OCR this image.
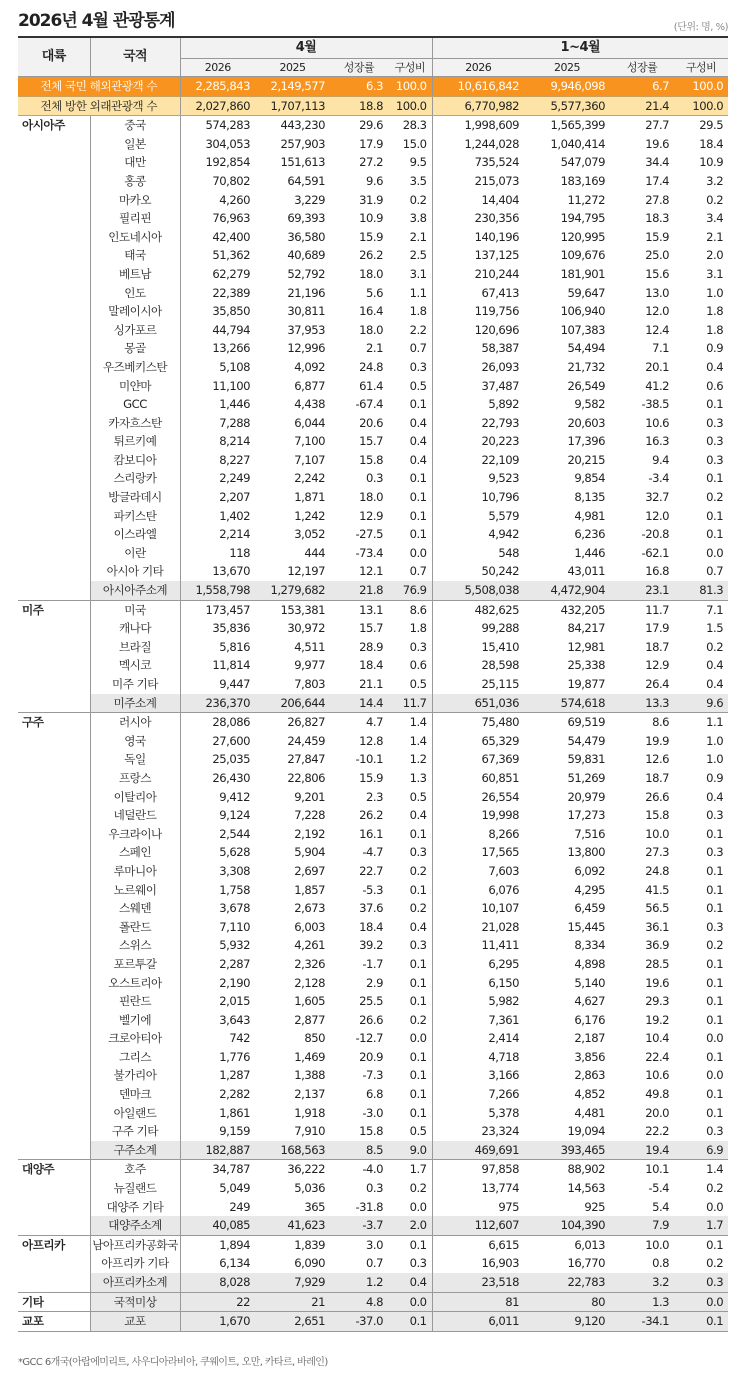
2026년 4월 관광통계	(단위: 명, %)
대륙	국적	4월				1~4월			
		2026	2025	성장률	구성비	2026	2025	성장률	구성비
전체 국민 해외관광객 수		2,285,843	2,149,577	6.3	100.0	10,616,842	9,946,098	6.7	100.0
전체 방한 외래관광객 수		2,027,860	1,707,113	18.8	100.0	6,770,982	5,577,360	21.4	100.0
아시아주	중국	574,283	443,230	29.6	28.3	1,998,609	1,565,399	27.7	29.5
	일본	304,053	257,903	17.9	15.0	1,244,028	1,040,414	19.6	18.4
	대만	192,854	151,613	27.2	9.5	735,524	547,079	34.4	10.9
	홍콩	70,802	64,591	9.6	3.5	215,073	183,169	17.4	3.2
	마카오	4,260	3,229	31.9	0.2	14,404	11,272	27.8	0.2
	필리핀	76,963	69,393	10.9	3.8	230,356	194,795	18.3	3.4
	인도네시아	42,400	36,580	15.9	2.1	140,196	120,995	15.9	2.1
	태국	51,362	40,689	26.2	2.5	137,125	109,676	25.0	2.0
	베트남	62,279	52,792	18.0	3.1	210,244	181,901	15.6	3.1
	인도	22,389	21,196	5.6	1.1	67,413	59,647	13.0	1.0
	말레이시아	35,850	30,811	16.4	1.8	119,756	106,940	12.0	1.8
	싱가포르	44,794	37,953	18.0	2.2	120,696	107,383	12.4	1.8
	몽골	13,266	12,996	2.1	0.7	58,387	54,494	7.1	0.9
	우즈베키스탄	5,108	4,092	24.8	0.3	26,093	21,732	20.1	0.4
	미얀마	11,100	6,877	61.4	0.5	37,487	26,549	41.2	0.6
	GCC	1,446	4,438	-67.4	0.1	5,892	9,582	-38.5	0.1
	카자흐스탄	7,288	6,044	20.6	0.4	22,793	20,603	10.6	0.3
	튀르키예	8,214	7,100	15.7	0.4	20,223	17,396	16.3	0.3
	캄보디아	8,227	7,107	15.8	0.4	22,109	20,215	9.4	0.3
	스리랑카	2,249	2,242	0.3	0.1	9,523	9,854	-3.4	0.1
	방글라데시	2,207	1,871	18.0	0.1	10,796	8,135	32.7	0.2
	파키스탄	1,402	1,242	12.9	0.1	5,579	4,981	12.0	0.1
	이스라엘	2,214	3,052	-27.5	0.1	4,942	6,236	-20.8	0.1
	이란	118	444	-73.4	0.0	548	1,446	-62.1	0.0
	아시아 기타	13,670	12,197	12.1	0.7	50,242	43,011	16.8	0.7
	아시아주소계	1,558,798	1,279,682	21.8	76.9	5,508,038	4,472,904	23.1	81.3
미주	미국	173,457	153,381	13.1	8.6	482,625	432,205	11.7	7.1
	캐나다	35,836	30,972	15.7	1.8	99,288	84,217	17.9	1.5
	브라질	5,816	4,511	28.9	0.3	15,410	12,981	18.7	0.2
	멕시코	11,814	9,977	18.4	0.6	28,598	25,338	12.9	0.4
	미주 기타	9,447	7,803	21.1	0.5	25,115	19,877	26.4	0.4
	미주소계	236,370	206,644	14.4	11.7	651,036	574,618	13.3	9.6
구주	러시아	28,086	26,827	4.7	1.4	75,480	69,519	8.6	1.1
	영국	27,600	24,459	12.8	1.4	65,329	54,479	19.9	1.0
	독일	25,035	27,847	-10.1	1.2	67,369	59,831	12.6	1.0
	프랑스	26,430	22,806	15.9	1.3	60,851	51,269	18.7	0.9
	이탈리아	9,412	9,201	2.3	0.5	26,554	20,979	26.6	0.4
	네덜란드	9,124	7,228	26.2	0.4	19,998	17,273	15.8	0.3
	우크라이나	2,544	2,192	16.1	0.1	8,266	7,516	10.0	0.1
	스페인	5,628	5,904	-4.7	0.3	17,565	13,800	27.3	0.3
	루마니아	3,308	2,697	22.7	0.2	7,603	6,092	24.8	0.1
	노르웨이	1,758	1,857	-5.3	0.1	6,076	4,295	41.5	0.1
	스웨덴	3,678	2,673	37.6	0.2	10,107	6,459	56.5	0.1
	폴란드	7,110	6,003	18.4	0.4	21,028	15,445	36.1	0.3
	스위스	5,932	4,261	39.2	0.3	11,411	8,334	36.9	0.2
	포르투갈	2,287	2,326	-1.7	0.1	6,295	4,898	28.5	0.1
	오스트리아	2,190	2,128	2.9	0.1	6,150	5,140	19.6	0.1
	핀란드	2,015	1,605	25.5	0.1	5,982	4,627	29.3	0.1
	벨기에	3,643	2,877	26.6	0.2	7,361	6,176	19.2	0.1
	크로아티아	742	850	-12.7	0.0	2,414	2,187	10.4	0.0
	그리스	1,776	1,469	20.9	0.1	4,718	3,856	22.4	0.1
	불가리아	1,287	1,388	-7.3	0.1	3,166	2,863	10.6	0.0
	덴마크	2,282	2,137	6.8	0.1	7,266	4,852	49.8	0.1
	아일랜드	1,861	1,918	-3.0	0.1	5,378	4,481	20.0	0.1
	구주 기타	9,159	7,910	15.8	0.5	23,324	19,094	22.2	0.3
	구주소계	182,887	168,563	8.5	9.0	469,691	393,465	19.4	6.9
대양주	호주	34,787	36,222	-4.0	1.7	97,858	88,902	10.1	1.4
	뉴질랜드	5,049	5,036	0.3	0.2	13,774	14,563	-5.4	0.2
	대양주 기타	249	365	-31.8	0.0	975	925	5.4	0.0
	대양주소계	40,085	41,623	-3.7	2.0	112,607	104,390	7.9	1.7
아프리카	남아프리카공화국	1,894	1,839	3.0	0.1	6,615	6,013	10.0	0.1
	아프리카 기타	6,134	6,090	0.7	0.3	16,903	16,770	0.8	0.2
	아프리카소계	8,028	7,929	1.2	0.4	23,518	22,783	3.2	0.3
기타	국적미상	22	21	4.8	0.0	81	80	1.3	0.0
교포	교포	1,670	2,651	-37.0	0.1	6,011	9,120	-34.1	0.1
*GCC 6개국(아랍에미리트, 사우디아라비아, 쿠웨이트, 오만, 카타르, 바레인)
